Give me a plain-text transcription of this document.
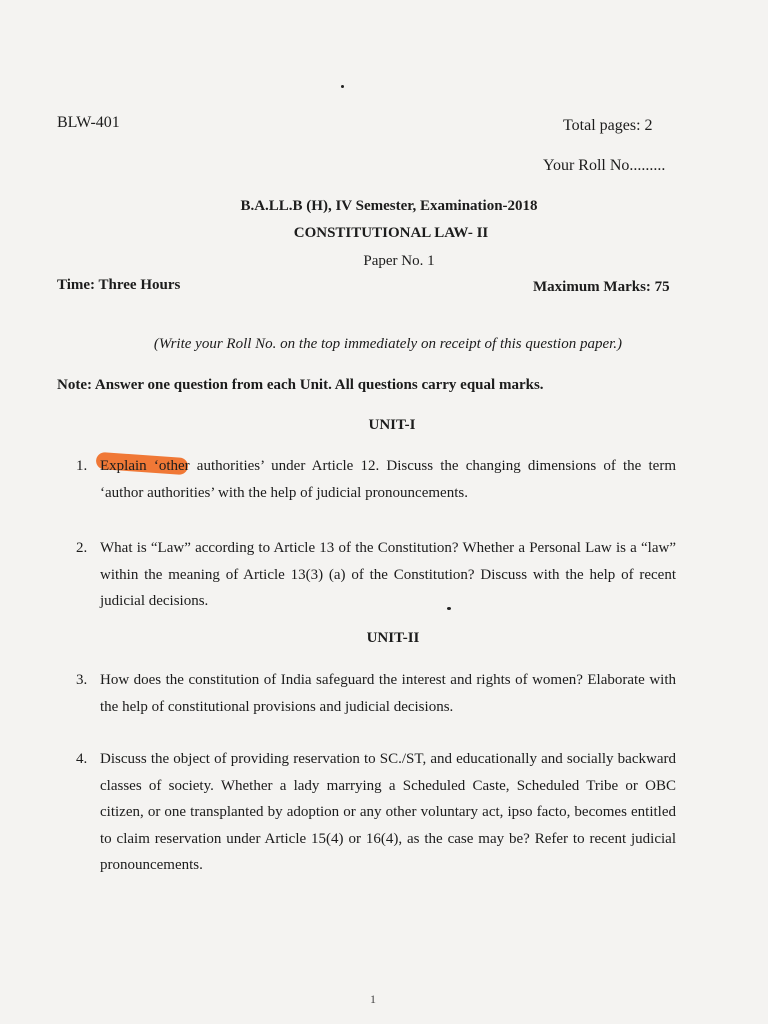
BLW-401	Total pages: 2
Your Roll No.........
B.A.LL.B (H), IV Semester, Examination-2018
CONSTITUTIONAL LAW- II
Paper No. 1
Time: Three Hours	Maximum Marks: 75
(Write your Roll No. on the top immediately on receipt of this question paper.)
Note: Answer one question from each Unit. All questions carry equal marks.
UNIT-I
1. Explain ‘other authorities’ under Article 12. Discuss the changing dimensions of the term ‘author authorities’ with the help of judicial pronouncements.
2. What is “Law” according to Article 13 of the Constitution? Whether a Personal Law is a “law” within the meaning of Article 13(3) (a) of the Constitution? Discuss with the help of recent judicial decisions.
UNIT-II
3. How does the constitution of India safeguard the interest and rights of women? Elaborate with the help of constitutional provisions and judicial decisions.
4. Discuss the object of providing reservation to SC./ST, and educationally and socially backward classes of society. Whether a lady marrying a Scheduled Caste, Scheduled Tribe or OBC citizen, or one transplanted by adoption or any other voluntary act, ipso facto, becomes entitled to claim reservation under Article 15(4) or 16(4), as the case may be? Refer to recent judicial pronouncements.
1
